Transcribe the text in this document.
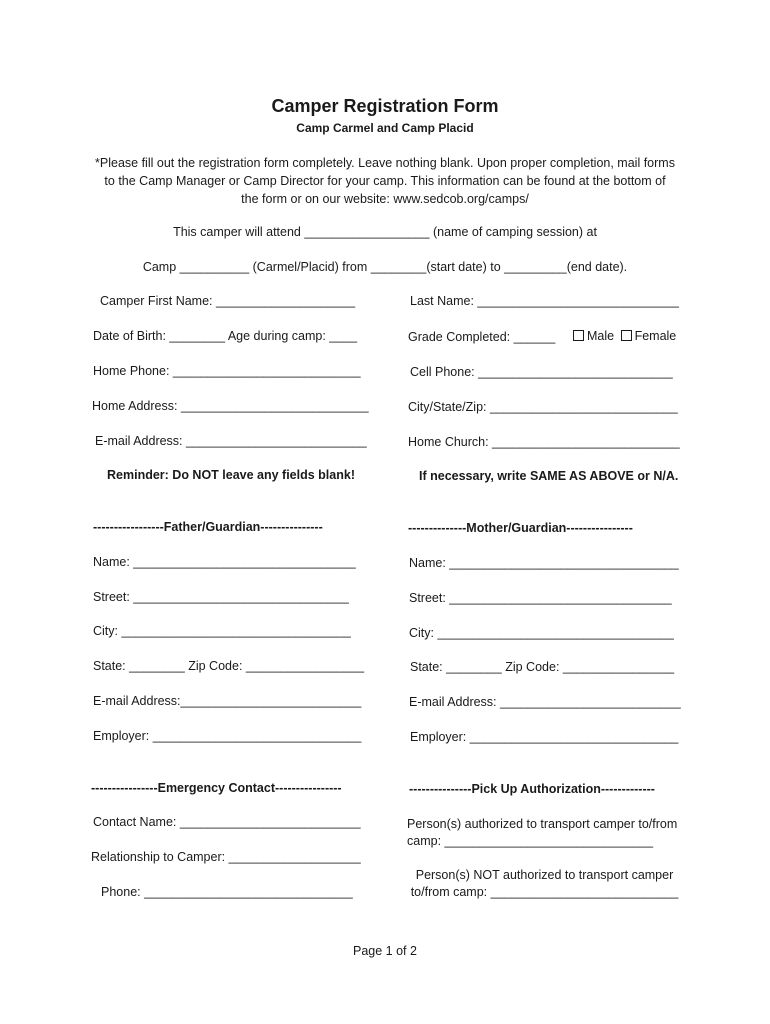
Camper Registration Form
Camp Carmel and Camp Placid
*Please fill out the registration form completely. Leave nothing blank. Upon proper completion, mail forms to the Camp Manager or Camp Director for your camp. This information can be found at the bottom of the form or on our website: www.sedcob.org/camps/
This camper will attend __________________ (name of camping session) at
Camp __________ (Carmel/Placid) from ________(start date) to _________(end date).
Camper First Name: ____________________
Date of Birth: ________ Age during camp: ____
Home Phone: ___________________________
Home Address: ___________________________
E-mail Address: __________________________
Last Name: _____________________________
Grade Completed: ______	Male Female
Cell Phone: ____________________________
City/State/Zip: ___________________________
Home Church: ___________________________
Reminder: Do NOT leave any fields blank!	If necessary, write SAME AS ABOVE or N/A.
-----------------Father/Guardian---------------
Name: ________________________________
Street: _______________________________
City: _________________________________
State: ________ Zip Code: _________________
E-mail Address:__________________________
Employer: ______________________________
--------------Mother/Guardian----------------
Name: _________________________________
Street: ________________________________
City: __________________________________
State: ________ Zip Code: ________________
E-mail Address: __________________________
Employer: ______________________________
----------------Emergency Contact----------------
Contact Name: __________________________
Relationship to Camper: ___________________
Phone: ______________________________
---------------Pick Up Authorization-------------
Person(s) authorized to transport camper to/from camp: ______________________________
Person(s) NOT authorized to transport camper to/from camp: ___________________________
Page 1 of 2
